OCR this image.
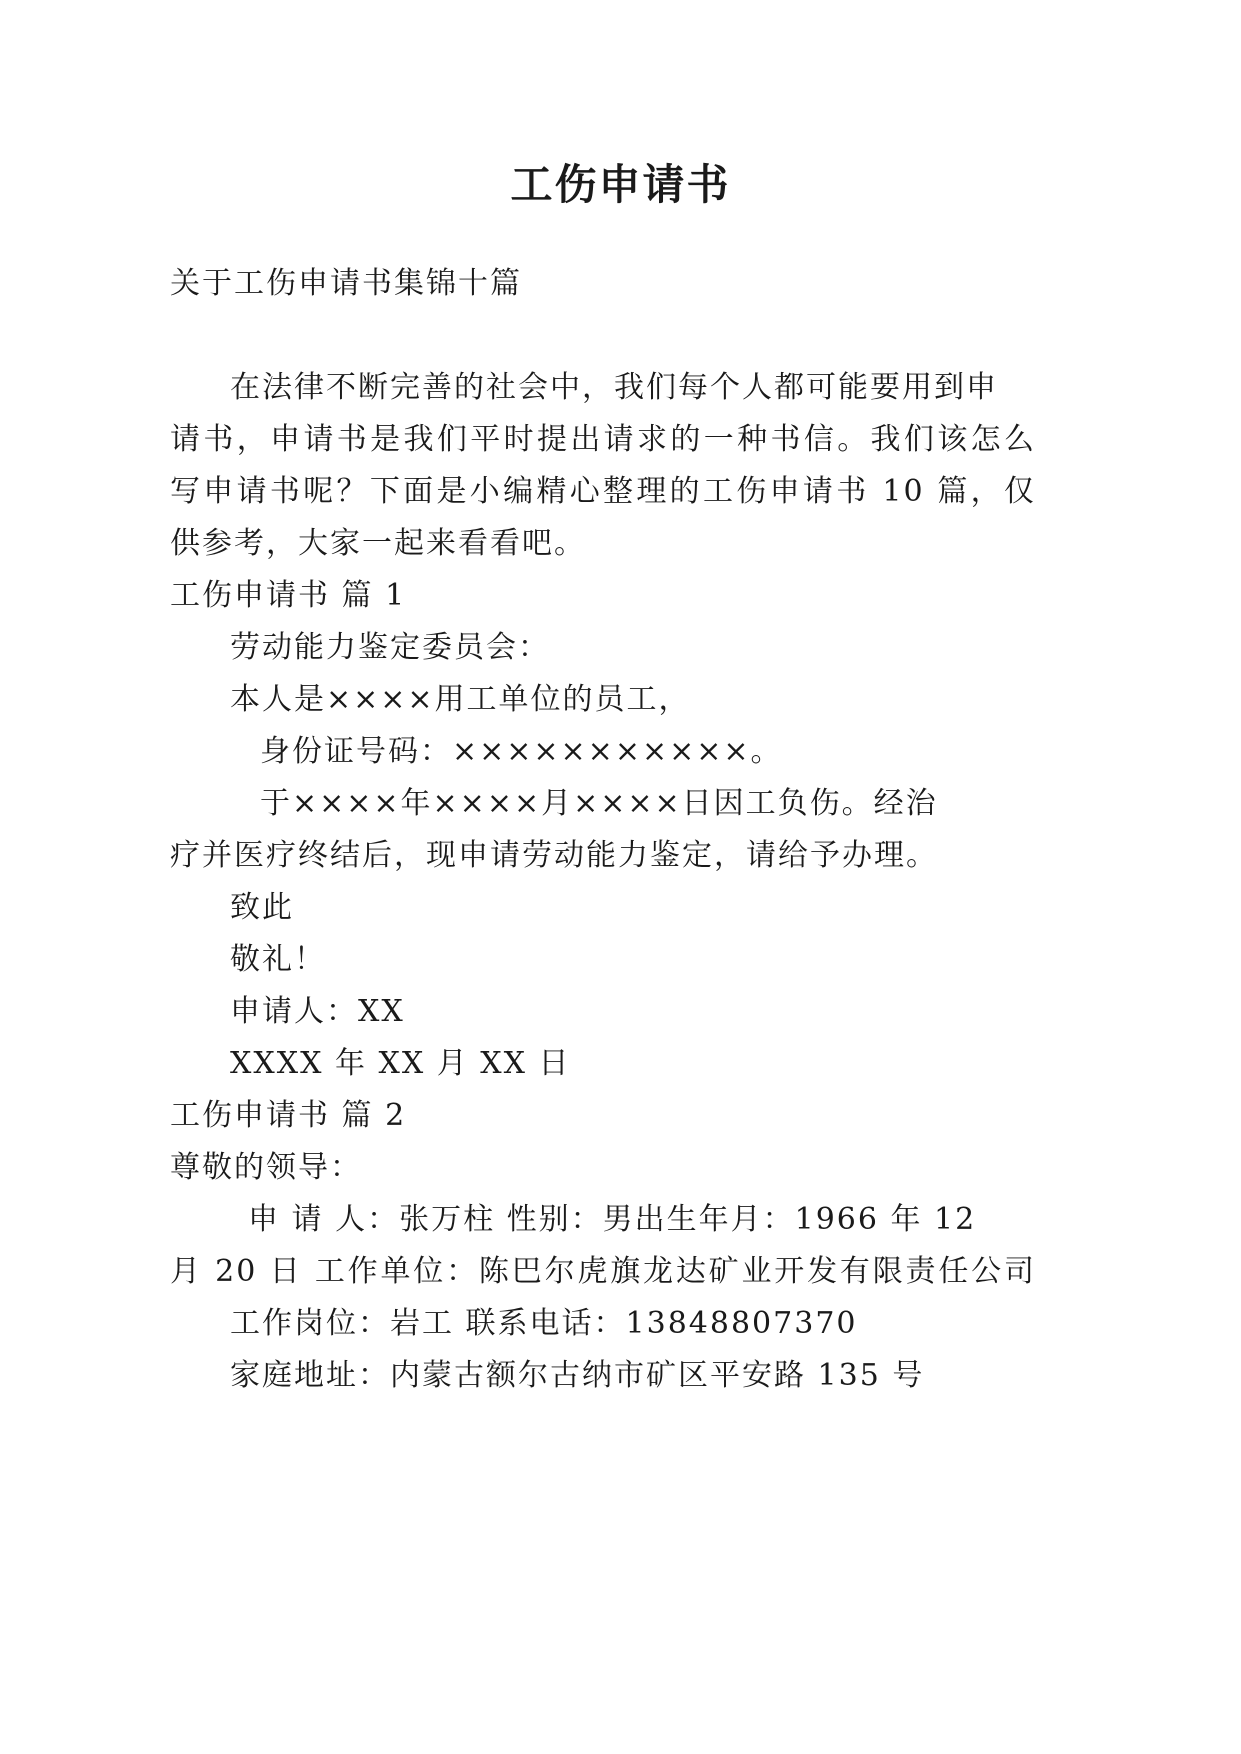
工伤申请书

关于工伤申请书集锦十篇

在法律不断完善的社会中，我们每个人都可能要用到申

请书，申请书是我们平时提出请求的一种书信。我们该怎么

写申请书呢？下面是小编精心整理的工伤申请书 10 篇，仅

供参考，大家一起来看看吧。

工伤申请书 篇 1

劳动能力鉴定委员会：

本人是××××用工单位的员工，

身份证号码：×××××××××××。

于××××年××××月××××日因工负伤。经治

疗并医疗终结后，现申请劳动能力鉴定，请给予办理。

致此

敬礼！

申请人：XX

XXXX 年 XX 月 XX 日

工伤申请书 篇 2

尊敬的领导：

申 请 人：张万柱 性别：男出生年月：1966 年 12

月 20 日 工作单位：陈巴尔虎旗龙达矿业开发有限责任公司

工作岗位：岩工 联系电话：13848807370

家庭地址：内蒙古额尔古纳市矿区平安路 135 号
